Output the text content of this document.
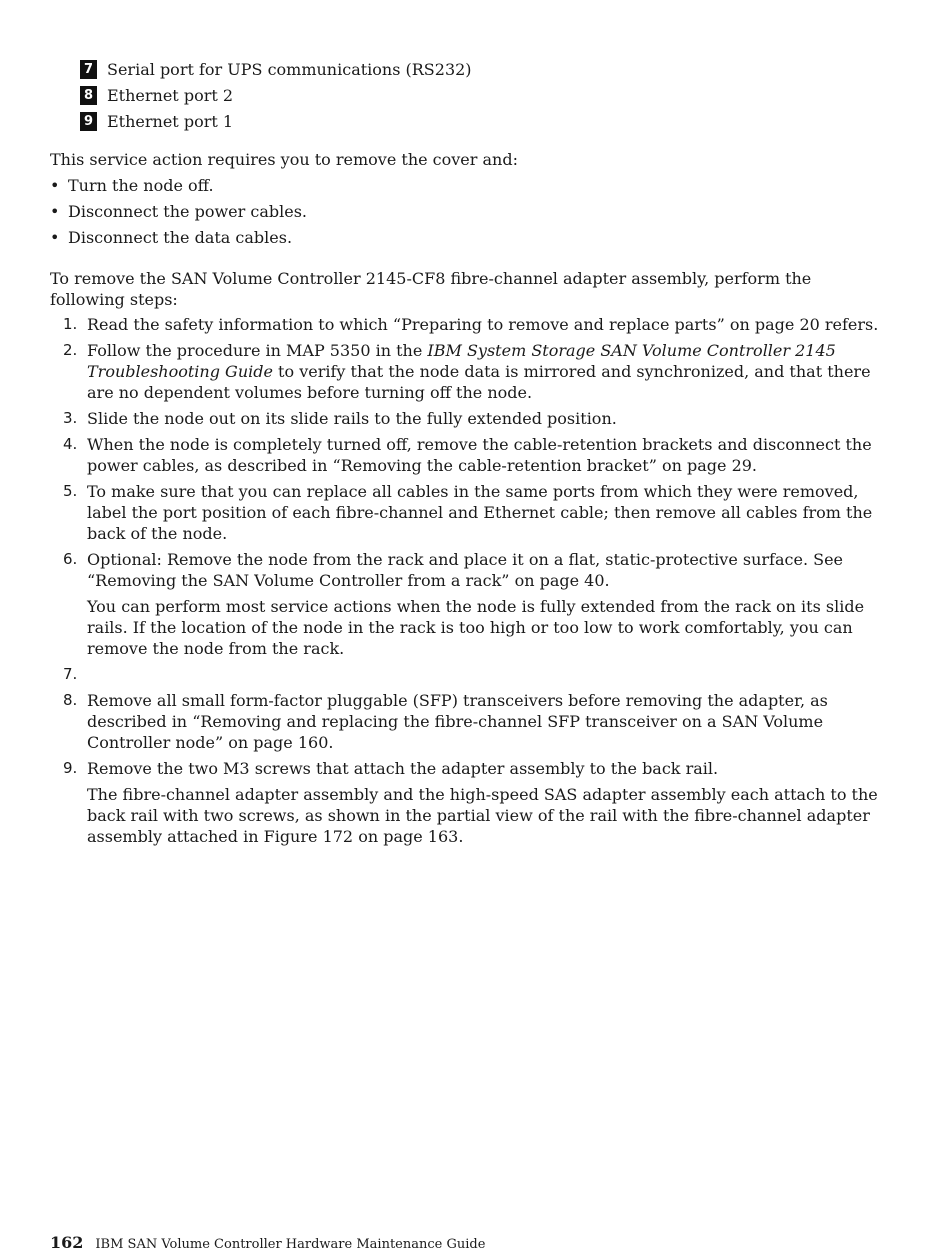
7 Serial port for UPS communications (RS232)
8 Ethernet port 2
9 Ethernet port 1
This service action requires you to remove the cover and:
• Turn the node off.
• Disconnect the power cables.
• Disconnect the data cables.
To remove the SAN Volume Controller 2145-CF8 fibre-channel adapter assembly, perform the following steps:
1. Read the safety information to which “Preparing to remove and replace parts” on page 20 refers.
2. Follow the procedure in MAP 5350 in the IBM System Storage SAN Volume Controller 2145 Troubleshooting Guide to verify that the node data is mirrored and synchronized, and that there are no dependent volumes before turning off the node.
3. Slide the node out on its slide rails to the fully extended position.
4. When the node is completely turned off, remove the cable-retention brackets and disconnect the power cables, as described in “Removing the cable-retention bracket” on page 29.
5. To make sure that you can replace all cables in the same ports from which they were removed, label the port position of each fibre-channel and Ethernet cable; then remove all cables from the back of the node.
6. Optional: Remove the node from the rack and place it on a flat, static-protective surface. See “Removing the SAN Volume Controller from a rack” on page 40.
You can perform most service actions when the node is fully extended from the rack on its slide rails. If the location of the node in the rack is too high or too low to work comfortably, you can remove the node from the rack.
7.
8. Remove all small form-factor pluggable (SFP) transceivers before removing the adapter, as described in “Removing and replacing the fibre-channel SFP transceiver on a SAN Volume Controller node” on page 160.
9. Remove the two M3 screws that attach the adapter assembly to the back rail.
The fibre-channel adapter assembly and the high-speed SAS adapter assembly each attach to the back rail with two screws, as shown in the partial view of the rail with the fibre-channel adapter assembly attached in Figure 172 on page 163.
162 IBM SAN Volume Controller Hardware Maintenance Guide
